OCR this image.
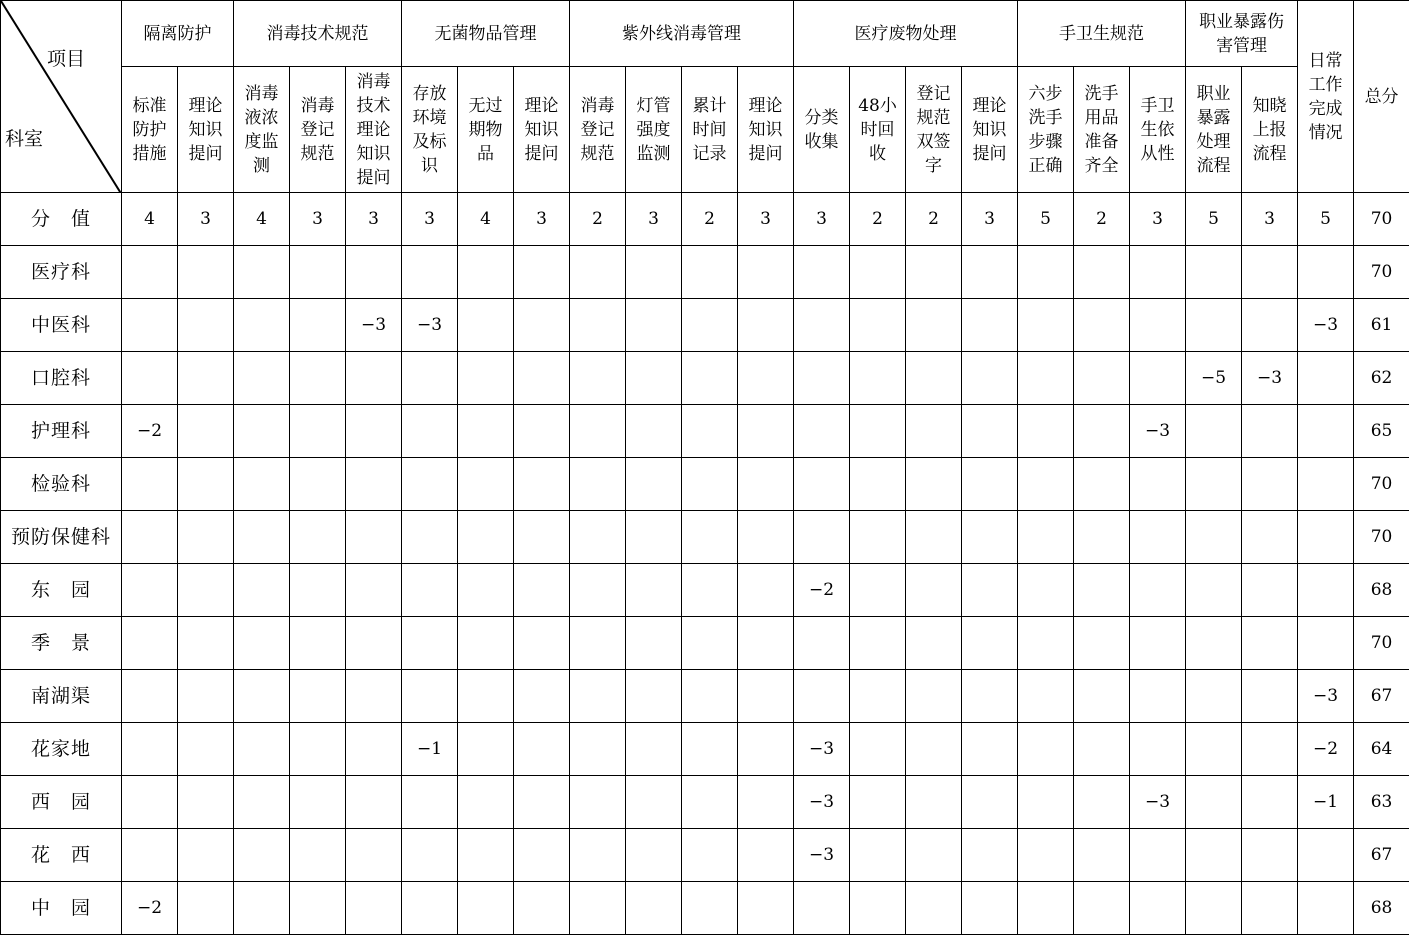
项目
科室	隔离防护		消毒技术规范			无菌物品管理			紫外线消毒管理				医疗废物处理				手卫生规范			职业暴露伤害管理		日常工作完成情况	总分
	标准防护措施	理论知识提问	消毒液浓度监测	消毒登记规范	消毒技术理论知识提问	存放环境及标识	无过期物品	理论知识提问	消毒登记规范	灯管强度监测	累计时间记录	理论知识提问	分类收集	48小时回收	登记规范双签字	理论知识提问	六步洗手步骤正确	洗手用品准备齐全	手卫生依从性	职业暴露处理流程	知晓上报流程		
分　值	4	3	4	3	3	3	4	3	2	3	2	3	3	2	2	3	5	2	3	5	3	5	70
医疗科																							70
中医科					−3	−3																−3	61
口腔科																				−5	−3		62
护理科	−2																		−3				65
检验科																							70
预防保健科																							70
东　园													−2										68
季　景																							70
南湖渠																						−3	67
花家地						−1							−3									−2	64
西　园													−3						−3			−1	63
花　西													−3										67
中　园	−2																						68
